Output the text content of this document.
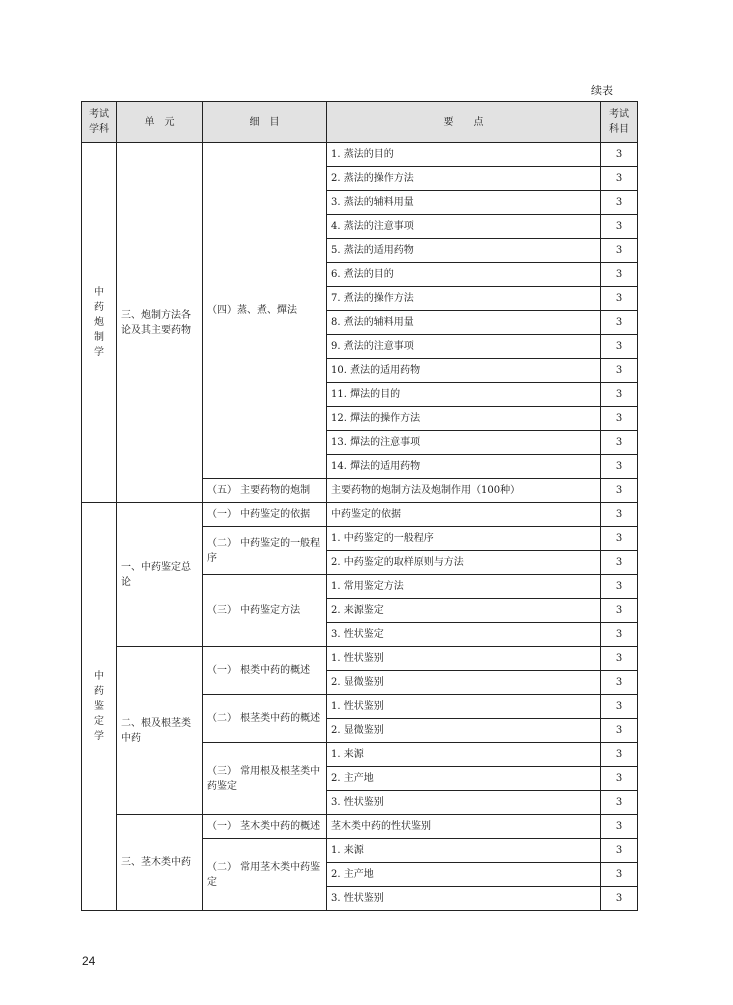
续表
考试学科	单　元	细　目	要　　点	考试科目
中药炮制学	三、炮制方法各论及其主要药物	（四）蒸、煮、燀法	1. 蒸法的目的	3
			2. 蒸法的操作方法	3
			3. 蒸法的辅料用量	3
			4. 蒸法的注意事项	3
			5. 蒸法的适用药物	3
			6. 煮法的目的	3
			7. 煮法的操作方法	3
			8. 煮法的辅料用量	3
			9. 煮法的注意事项	3
			10. 煮法的适用药物	3
			11. 燀法的目的	3
			12. 燀法的操作方法	3
			13. 燀法的注意事项	3
			14. 燀法的适用药物	3
		（五） 主要药物的炮制	主要药物的炮制方法及炮制作用（100种）	3
中药鉴定学	一、中药鉴定总论	（一） 中药鉴定的依据	中药鉴定的依据	3
		（二） 中药鉴定的一般程序	1. 中药鉴定的一般程序	3
			2. 中药鉴定的取样原则与方法	3
		（三） 中药鉴定方法	1. 常用鉴定方法	3
			2. 来源鉴定	3
			3. 性状鉴定	3
	二、根及根茎类中药	（一） 根类中药的概述	1. 性状鉴别	3
			2. 显微鉴别	3
		（二） 根茎类中药的概述	1. 性状鉴别	3
			2. 显微鉴别	3
		（三） 常用根及根茎类中药鉴定	1. 来源	3
			2. 主产地	3
			3. 性状鉴别	3
	三、茎木类中药	（一） 茎木类中药的概述	茎木类中药的性状鉴别	3
		（二） 常用茎木类中药鉴定	1. 来源	3
			2. 主产地	3
			3. 性状鉴别	3
24
